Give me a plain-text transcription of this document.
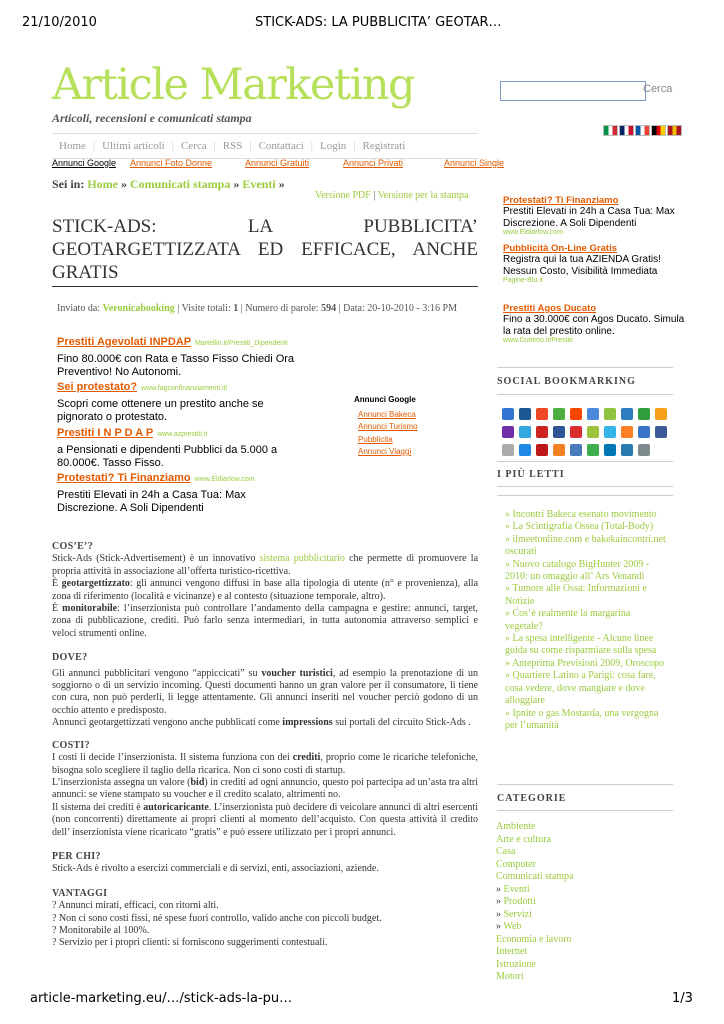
21/10/2010	STICK-ADS: LA PUBBLICITA’ GEOTAR…
Article Marketing
Articoli, recensioni e comunicati stampa
Cerca
Home | Ultimi articoli | Cerca | RSS | Contattaci | Login | Registrati
Annunci Google Annunci Foto Donne	Annunci Gratuiti	Annunci Privati	Annunci Single
Sei in: Home » Comunicati stampa » Eventi »
Versione PDF | Versione per la stampa
STICK-ADS: LA PUBBLICITA’ GEOTARGETTIZZATA ED EFFICACE, ANCHE GRATIS
Inviato da: Veronicabooking | Visite totali: 1 | Numero di parole: 594 | Data: 20-10-2010 - 3:16 PM
Prestiti Agevolati INPDAP Martellin.it/Prestiti_Dipendenti
Fino 80.000€ con Rata e Tasso Fisso Chiedi Ora Preventivo! No Autonomi.
Sei protestato? www.fagconfinanziamenti.it/
Scopri come ottenere un prestito anche se pignorato o protestato.
Prestiti I N P D A P www.azprestiti.it
a Pensionati e dipendenti Pubblici da 5.000 a 80.000€. Tasso Fisso.
Protestati? Ti Finanziamo www.Eldiarlow.com
Prestiti Elevati in 24h a Casa Tua: Max Discrezione. A Soli Dipendenti
Annunci Google
Annunci Bakeca
Annunci Turismo
Pubblicita
Annunci Viaggi
COS’E’?
Stick-Ads (Stick-Advertisement) è un innovativo sistema pubblicitario che permette di promuovere la propria attività in associazione all’offerta turistico-ricettiva.
È geotargettizzato: gli annunci vengono diffusi in base alla tipologia di utente (n° e provenienza), alla zona di riferimento (località e vicinanze) e al contesto (situazione temporale, altro).
È monitorabile: l’inserzionista può controllare l’andamento della campagna e gestire: annunci, target, zona di pubblicazione, crediti. Può farlo senza intermediari, in tutta autonomia attraverso semplici e veloci strumenti online.
DOVE?
Gli annunci pubblicitari vengono “appiccicati” su voucher turistici, ad esempio la prenotazione di un soggiorno o di un servizio incoming. Questi documenti hanno un gran valore per il consumatore, li tiene con cura, non può perderli, li legge attentamente. Gli annunci inseriti nel voucher perciò godono di un occhio attento e predisposto.
Annunci geotargettizzati vengono anche pubblicati come impressions sui portali del circuito Stick-Ads .
COSTI?
I costi li decide l’inserzionista. Il sistema funziona con dei crediti, proprio come le ricariche telefoniche, bisogna solo scegliere il taglio della ricarica. Non ci sono costi di startup.
L’inserzionista assegna un valore (bid) in crediti ad ogni annuncio, questo poi partecipa ad un’asta tra altri annunci: se viene stampato su voucher e il credito scalato, altrimenti no.
Il sistema dei crediti è autoricaricante. L’inserzionista può decidere di veicolare annunci di altri esercenti (non concorrenti) direttamente ai propri clienti al momento dell’acquisto. Con questa attività il credito dell’ inserzionista viene ricaricato “gratis” e può essere utilizzato per i propri annunci.
PER CHI?
Stick-Ads è rivolto a esercizi commerciali e di servizi, enti, associazioni, aziende.
VANTAGGI
? Annunci mirati, efficaci, con ritorni alti.
? Non ci sono costi fissi, né spese fuori controllo, valido anche con piccoli budget.
? Monitorabile al 100%.
? Servizio per i propri clienti: si forniscono suggerimenti contestuali.
Protestati? Ti Finanziamo
Prestiti Elevati in 24h a Casa Tua: Max Discrezione. A Soli Dipendenti
www.Eldiarlow.com
Pubblicità On-Line Gratis
Registra qui la tua AZIENDA Gratis! Nessun Costo, Visibilità Immediata
Pagine-Blu.it
Prestiti Agos Ducato
Fino a 30.000€ con Agos Ducato. Simula la rata del prestito online.
www.Duttimo.it/Prestiti
SOCIAL BOOKMARKING
I PIÙ LETTI
» Incontri Bakeca esenato movimento
» La Scintigrafia Ossea (Total-Body)
» ilmeetonline.com e bakekaincontri.net oscurati
» Nuovo catalogo BigHunter 2009 - 2010: un omaggio all’ Ars Venandi
» Tumore alle Ossa: Informazioni e Notizie
» Cos’è realmente la margarina vegetale?
» La spesa intelligente - Alcune linee guida su come risparmiare sulla spesa
» Anteprima Previsioni 2009, Oroscopo
» Quartiere Latino a Parigi: cosa fare, cosa vedere, dove mangiare e dove alloggiare
» Ipnite o gas Mostarda, una vergogna per l’umanità
CATEGORIE
Ambiente
Arte e cultura
Casa
Computer
Comunicati stampa
» Eventi
» Prodotti
» Servizi
» Web
Economia e lavoro
Internet
Istruzione
Motori
article-marketing.eu/…/stick-ads-la-pu…	1/3
